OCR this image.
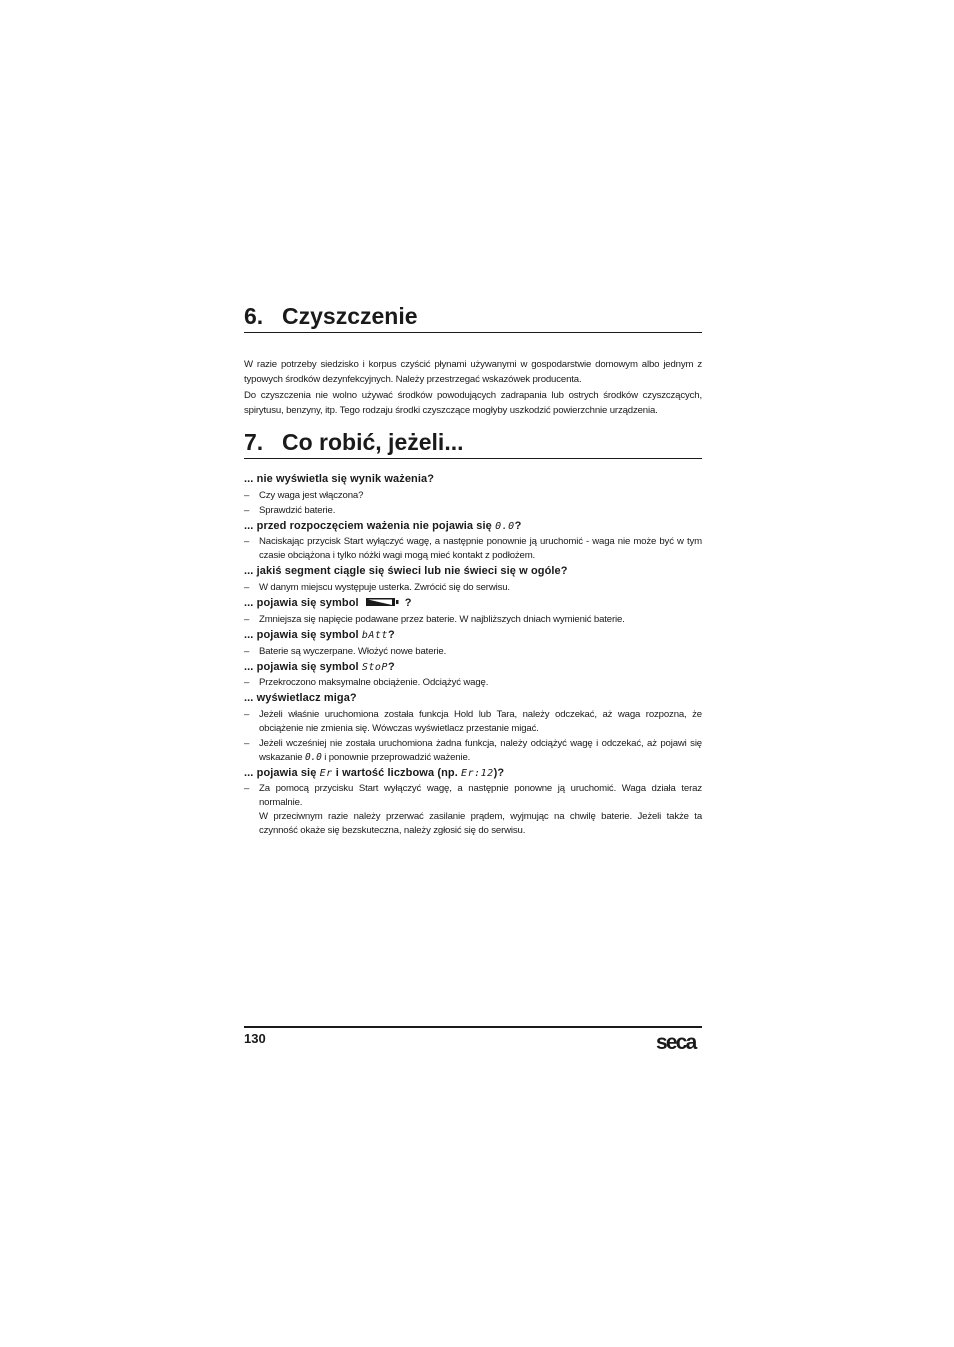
6. Czyszczenie
W razie potrzeby siedzisko i korpus czyścić płynami używanymi w gospodarstwie domowym albo jednym z typowych środków dezynfekcyjnych. Należy przestrzegać wskazówek producenta.
Do czyszczenia nie wolno używać środków powodujących zadrapania lub ostrych środków czyszczących, spirytusu, benzyny, itp. Tego rodzaju środki czyszczące mogłyby uszkodzić powierzchnie urządzenia.
7. Co robić, jeżeli...
... nie wyświetla się wynik ważenia?
– Czy waga jest włączona?
– Sprawdzić baterie.
... przed rozpoczęciem ważenia nie pojawia się 0.0?
– Naciskając przycisk Start wyłączyć wagę, a następnie ponownie ją uruchomić - waga nie może być w tym czasie obciążona i tylko nóżki wagi mogą mieć kontakt z podłożem.
... jakiś segment ciągle się świeci lub nie świeci się w ogóle?
– W danym miejscu występuje usterka. Zwrócić się do serwisu.
... pojawia się symbol	?
– Zmniejsza się napięcie podawane przez baterie. W najbliższych dniach wymienić baterie.
... pojawia się symbol bAtt?
– Baterie są wyczerpane. Włożyć nowe baterie.
... pojawia się symbol StoP?
– Przekroczono maksymalne obciążenie. Odciążyć wagę.
... wyświetlacz miga?
– Jeżeli właśnie uruchomiona została funkcja Hold lub Tara, należy odczekać, aż waga rozpozna, że obciążenie nie zmienia się. Wówczas wyświetlacz przestanie migać.
– Jeżeli wcześniej nie została uruchomiona żadna funkcja, należy odciążyć wagę i odczekać, aż pojawi się wskazanie 0.0 i ponownie przeprowadzić ważenie.
... pojawia się Er i wartość liczbowa (np. Er:12)?
– Za pomocą przycisku Start wyłączyć wagę, a następnie ponowne ją uruchomić. Waga działa teraz normalnie.
W przeciwnym razie należy przerwać zasilanie prądem, wyjmując na chwilę baterie. Jeżeli także ta czynność okaże się bezskuteczna, należy zgłosić się do serwisu.
130	seca
